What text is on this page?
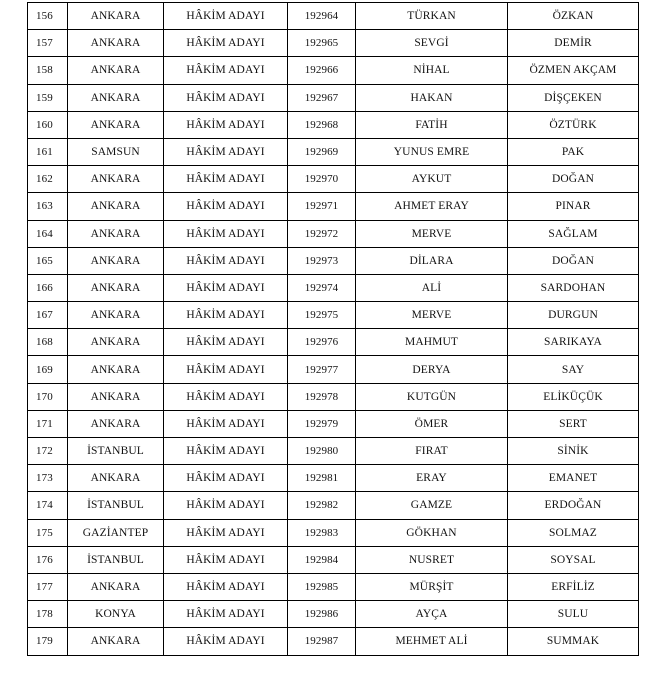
156	ANKARA	HÂKİM ADAYI	192964	TÜRKAN	ÖZKAN
157	ANKARA	HÂKİM ADAYI	192965	SEVGİ	DEMİR
158	ANKARA	HÂKİM ADAYI	192966	NİHAL	ÖZMEN AKÇAM
159	ANKARA	HÂKİM ADAYI	192967	HAKAN	DİŞÇEKEN
160	ANKARA	HÂKİM ADAYI	192968	FATİH	ÖZTÜRK
161	SAMSUN	HÂKİM ADAYI	192969	YUNUS EMRE	PAK
162	ANKARA	HÂKİM ADAYI	192970	AYKUT	DOĞAN
163	ANKARA	HÂKİM ADAYI	192971	AHMET ERAY	PINAR
164	ANKARA	HÂKİM ADAYI	192972	MERVE	SAĞLAM
165	ANKARA	HÂKİM ADAYI	192973	DİLARA	DOĞAN
166	ANKARA	HÂKİM ADAYI	192974	ALİ	SARDOHAN
167	ANKARA	HÂKİM ADAYI	192975	MERVE	DURGUN
168	ANKARA	HÂKİM ADAYI	192976	MAHMUT	SARIKAYA
169	ANKARA	HÂKİM ADAYI	192977	DERYA	SAY
170	ANKARA	HÂKİM ADAYI	192978	KUTGÜN	ELİKÜÇÜK
171	ANKARA	HÂKİM ADAYI	192979	ÖMER	SERT
172	İSTANBUL	HÂKİM ADAYI	192980	FIRAT	SİNİK
173	ANKARA	HÂKİM ADAYI	192981	ERAY	EMANET
174	İSTANBUL	HÂKİM ADAYI	192982	GAMZE	ERDOĞAN
175	GAZİANTEP	HÂKİM ADAYI	192983	GÖKHAN	SOLMAZ
176	İSTANBUL	HÂKİM ADAYI	192984	NUSRET	SOYSAL
177	ANKARA	HÂKİM ADAYI	192985	MÜRŞİT	ERFİLİZ
178	KONYA	HÂKİM ADAYI	192986	AYÇA	SULU
179	ANKARA	HÂKİM ADAYI	192987	MEHMET ALİ	SUMMAK
